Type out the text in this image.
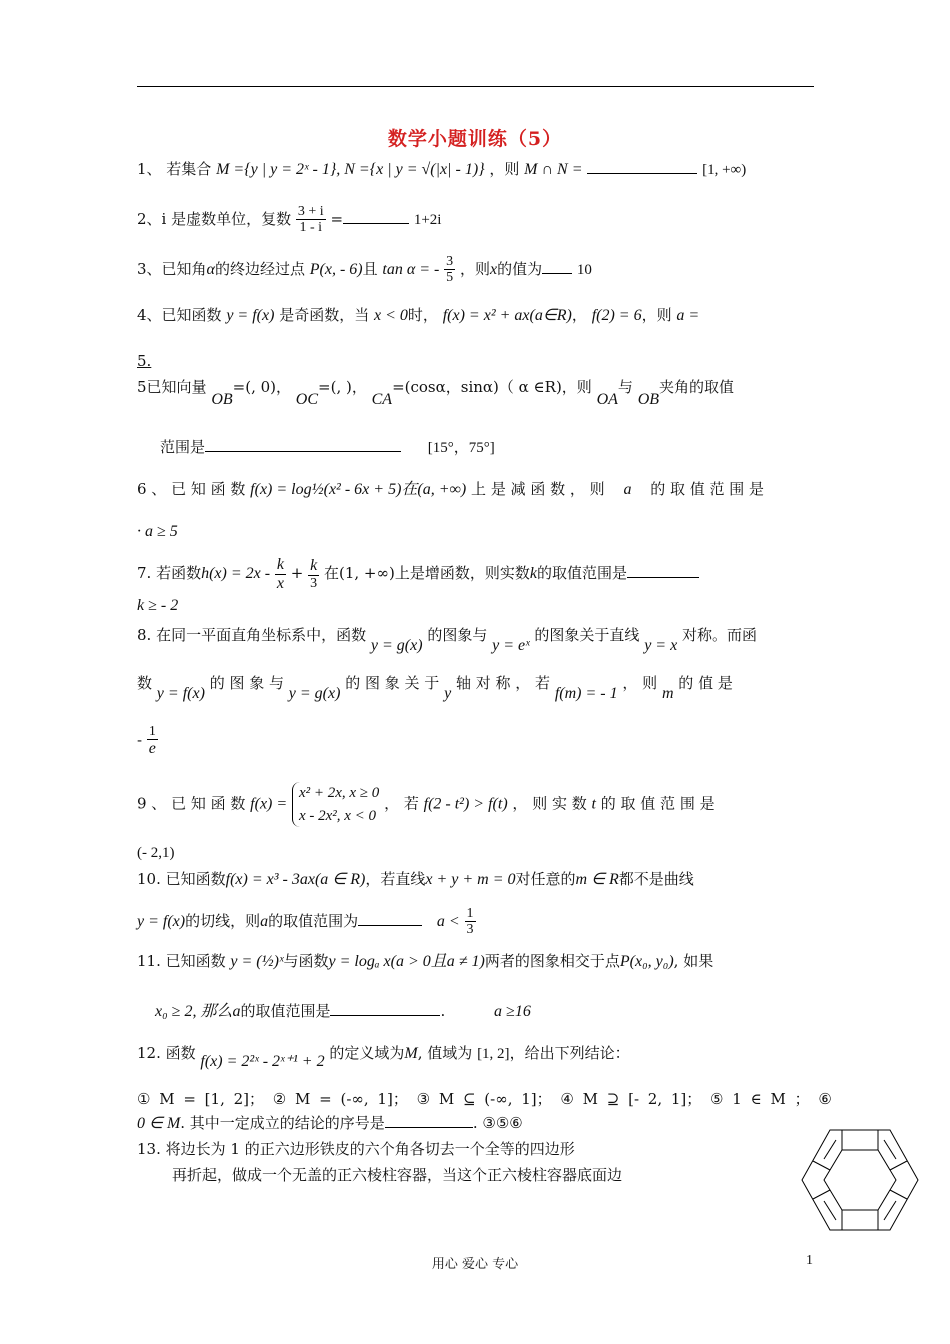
数学小题训练（5）
1、 若集合 M ={y | y = 2ˣ - 1}, N ={x | y = √(|x| - 1)} ，则 M ∩ N =	[1, +∞)
2、i 是虚数单位，复数 $\frac{3 + i}{1 - i}$ =	1+2i
3、已知角α的终边经过点 P(x, - 6)且 tan α = - $\frac{3}{5}$ ，则x的值为 10
4、已知函数 y = f(x) 是奇函数，当 x < 0时， f(x) = x² + ax(a∈R)， f(2) = 6，则 a =
5.
5已知向量 OB=(, 0)， OC=(, )， CA=(cosα，sinα)（ α ∈R)，则 OA与 OB夹角的取值
范围是	[15°，75°]
6 、 已 知 函 数 f(x) = log½(x² - 6x + 5)在(a, +∞) 上 是 减 函 数 ， 则 a 的 取 值 范 围 是
· a ≥ 5
7. 若函数$h(x) = 2x - \frac{k}{x} + \frac{k}{3}$ 在(1, +∞)上是增函数，则实数k的取值范围是
k ≥ - 2
8. 在同一平面直角坐标系中，函数 y = g(x) 的图象与 y = eˣ 的图象关于直线 y = x 对称。而函
数 y = f(x) 的 图 象 与 y = g(x) 的 图 象 关 于 y 轴 对 称 ， 若 f(m) = - 1 ， 则 m 的 值 是
- $\frac{1}{e}$
9 、 已 知 函 数 f(x) =
x² + 2x, x ≥ 0
x - 2x², x < 0
， 若 f(2 - t²) > f(t) ， 则 实 数 t 的 取 值 范 围 是
(- 2,1)
10. 已知函数f(x) = x³ - 3ax(a ∈ R)，若直线x + y + m = 0对任意的m ∈ R都不是曲线
y = f(x)的切线，则a的取值范围为	$a < \frac{1}{3}$
11. 已知函数 y = (½)ˣ与函数y = logₐ x(a > 0且a ≠ 1)两者的图象相交于点P(x₀, y₀), 如果
x₀ ≥ 2, 那么a的取值范围是	.	a ≥16
12. 函数 f(x) = 2²ˣ - 2ˣ⁺¹ + 2 的定义域为M, 值域为 [1, 2]，给出下列结论：
① M = [1, 2]； ② M = (-∞, 1]； ③ M ⊆ (-∞, 1]； ④ M ⊇ [- 2, 1]； ⑤ 1 ∈ M ； ⑥
0 ∈ M. 其中一定成立的结论的序号是	. ③⑤⑥
13. 将边长为 1 的正六边形铁皮的六个角各切去一个全等的四边形
再折起，做成一个无盖的正六棱柱容器，当这个正六棱柱容器底面边
用心 爱心 专心	1
